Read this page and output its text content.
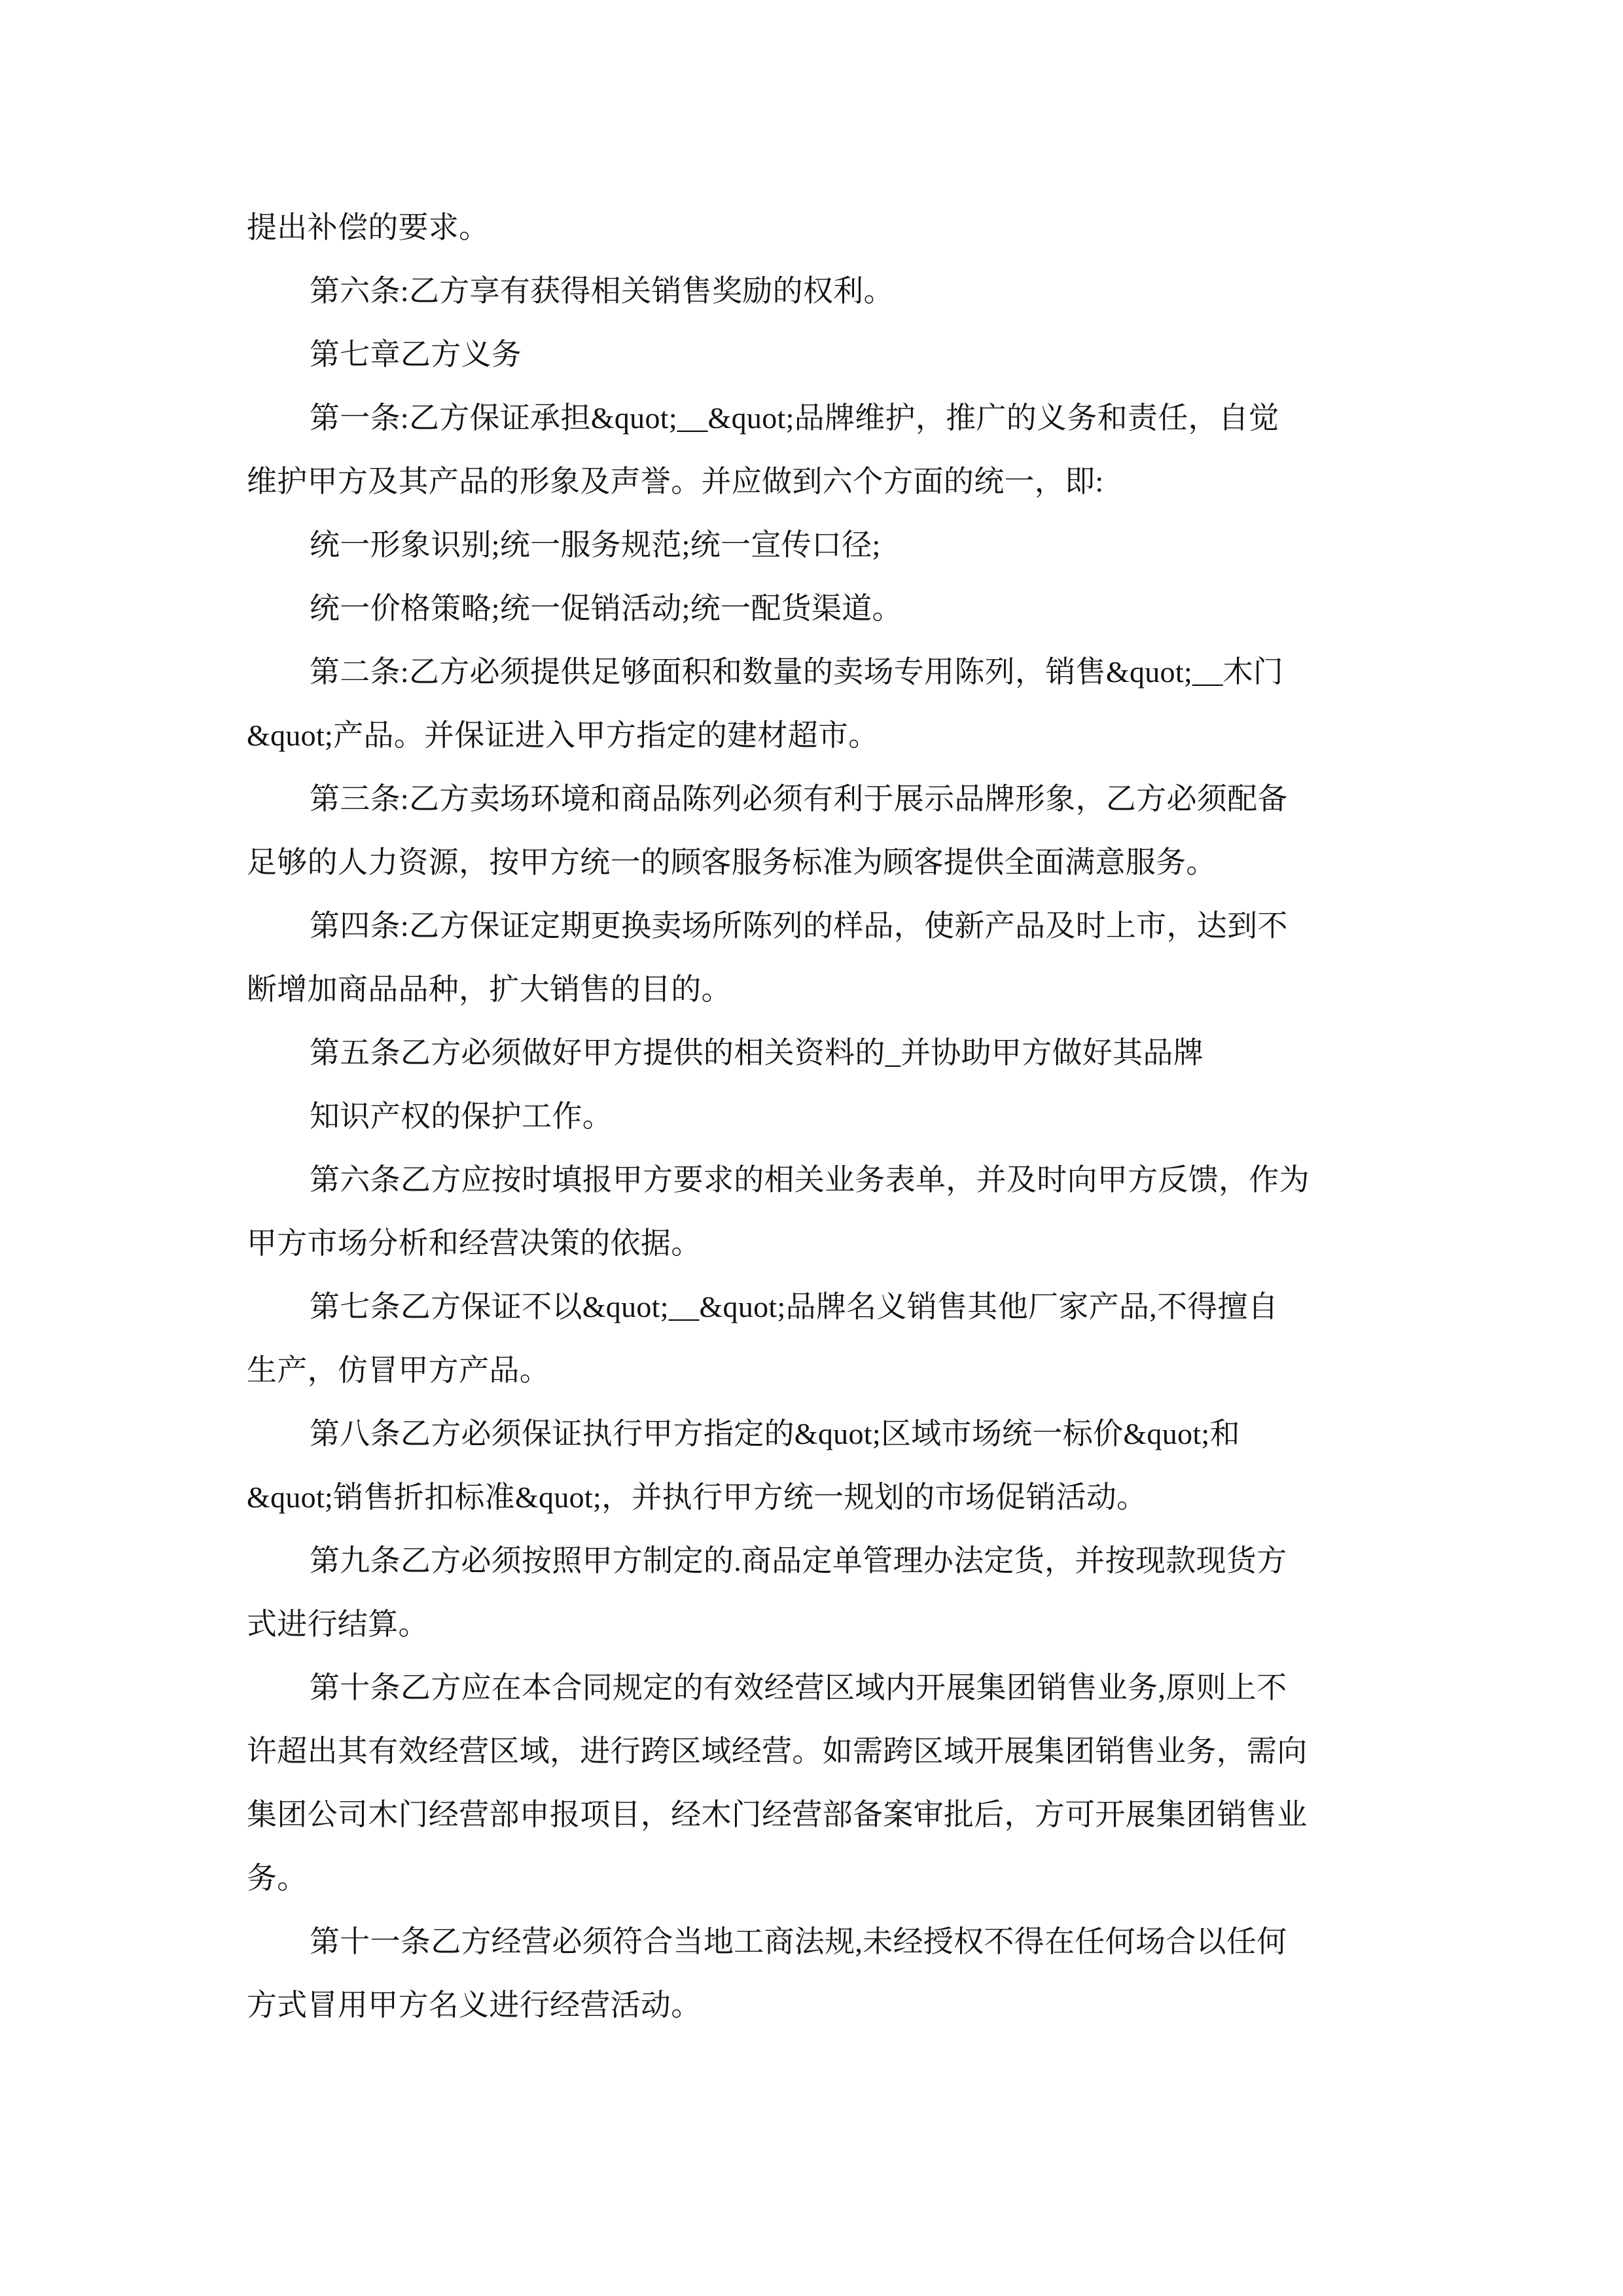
提出补偿的要求。
第六条:乙方享有获得相关销售奖励的权利。
第七章乙方义务
第一条:乙方保证承担&quot;__&quot;品牌维护，推广的义务和责任，自觉
维护甲方及其产品的形象及声誉。并应做到六个方面的统一，即:
统一形象识别;统一服务规范;统一宣传口径;
统一价格策略;统一促销活动;统一配货渠道。
第二条:乙方必须提供足够面积和数量的卖场专用陈列，销售&quot;__木门
&quot;产品。并保证进入甲方指定的建材超市。
第三条:乙方卖场环境和商品陈列必须有利于展示品牌形象，乙方必须配备
足够的人力资源，按甲方统一的顾客服务标准为顾客提供全面满意服务。
第四条:乙方保证定期更换卖场所陈列的样品，使新产品及时上市，达到不
断增加商品品种，扩大销售的目的。
第五条乙方必须做好甲方提供的相关资料的_并协助甲方做好其品牌
知识产权的保护工作。
第六条乙方应按时填报甲方要求的相关业务表单，并及时向甲方反馈，作为
甲方市场分析和经营决策的依据。
第七条乙方保证不以&quot;__&quot;品牌名义销售其他厂家产品,不得擅自
生产，仿冒甲方产品。
第八条乙方必须保证执行甲方指定的&quot;区域市场统一标价&quot;和
&quot;销售折扣标准&quot;，并执行甲方统一规划的市场促销活动。
第九条乙方必须按照甲方制定的.商品定单管理办法定货，并按现款现货方
式进行结算。
第十条乙方应在本合同规定的有效经营区域内开展集团销售业务,原则上不
许超出其有效经营区域，进行跨区域经营。如需跨区域开展集团销售业务，需向
集团公司木门经营部申报项目，经木门经营部备案审批后，方可开展集团销售业
务。
第十一条乙方经营必须符合当地工商法规,未经授权不得在任何场合以任何
方式冒用甲方名义进行经营活动。
